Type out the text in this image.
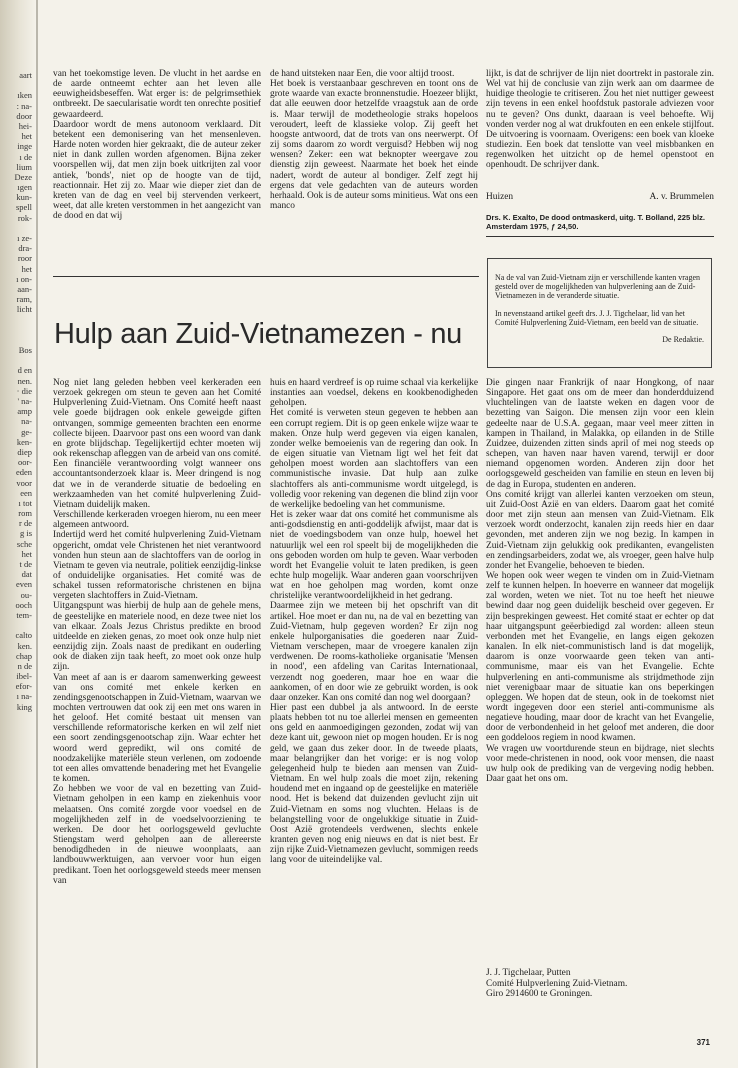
aart
ıken
: na-
door
hei-
het
inge
ı de
lium
Deze
ıgen
kun-
spell
rok-
ı ze-
dra-
roor
het
ı on-
aan-
ram,
licht
Bos
d en
nen.
· die
' na-
amp
na-
ge-
ken-
diep
oor-
eden
voor
een
ı tot
rom
r de
g is
sche
het
t de
dat
even
ou-
ooch
tem-
calto
ken.
chap
n de
ibel-
efor-
ı na-
king

van het toekomstige leven. De vlucht in het aardse en de aarde ontneemt echter aan het leven alle eeuwigheidsbeseffen. Wat erger is: de pelgrimsethiek ontbreekt. De saecularisatie wordt ten onrechte positief gewaardeerd.

Daardoor wordt de mens autonoom verklaard. Dit betekent een demonisering van het mensenleven. Harde noten worden hier gekraakt, die de auteur zeker niet in dank zullen worden afgenomen. Bijna zeker voorspellen wij, dat men zijn boek uitkrijten zal voor antiek, 'bonds', niet op de hoogte van de tijd, reactionnair. Het zij zo. Maar wie dieper ziet dan de kreten van de dag en veel bij stervenden verkeert, weet, dat alle kreten verstommen in het aangezicht van de dood en dat wij

de hand uitsteken naar Een, die voor altijd troost.

Het boek is verstaanbaar geschreven en toont ons de grote waarde van exacte bronnenstudie. Hoezeer blijkt, dat alle eeuwen door hetzelfde vraagstuk aan de orde is. Maar terwijl de modetheologie straks hopeloos veroudert, leeft de klassieke volop. Zij geeft het hoogste antwoord, dat de trots van ons neerwerpt. Of zij soms daarom zo wordt verguisd? Hebben wij nog wensen? Zeker: een wat beknopter weergave zou dienstig zijn geweest. Naarmate het boek het einde nadert, wordt de auteur al bondiger. Zelf zegt hij ergens dat vele gedachten van de auteurs worden herhaald. Ook is de auteur soms minitieus. Wat ons een manco

lijkt, is dat de schrijver de lijn niet doortrekt in pastorale zin. Wel vat hij de conclusie van zijn werk aan om daarmee de huidige theologie te critiseren. Zou het niet nuttiger geweest zijn tevens in een enkel hoofdstuk pastorale adviezen voor nu te geven? Ons dunkt, daaraan is veel behoefte. Wij vonden verder nog al wat drukfouten en een enkele stijlfout. De uitvoering is voornaam. Overigens: een boek van kloeke studiezin. Een boek dat tenslotte van veel misbbanken en regenwolken het uitzicht op de hemel openstoot en openhoudt. De schrijver dank.

Huizen	A. v. Brummelen
Drs. K. Exalto, De dood ontmaskerd, uitg. T. Bolland, 225 blz. Amsterdam 1975, ƒ 24,50.

Na de val van Zuid-Vietnam zijn er verschillende kanten vragen gesteld over de mogelijkheden van hulpverlening aan de Zuid-Vietnamezen in de veranderde situatie.

In nevenstaand artikel geeft drs. J. J. Tigchelaar, lid van het Comité Hulpverlening Zuid-Vietnam, een beeld van de situatie.

De Redaktie.
Hulp aan Zuid-Vietnamezen - nu

Nog niet lang geleden hebben veel kerkeraden een verzoek gekregen om steun te geven aan het Comité Hulpverlening Zuid-Vietnam. Ons Comité heeft naast vele goede bijdragen ook enkele geweigde giften ontvangen, sommige gemeenten brachten een enorme collecte bijeen. Daarvoor past ons een woord van dank en grote blijdschap. Tegelijkertijd echter moeten wij ook rekenschap afleggen van de arbeid van ons comité. Een financiële verantwoording volgt wanneer ons accountantsonderzoek klaar is. Meer dringend is nog dat we in de veranderde situatie de bedoeling en werkzaamheden van het comité hulpverlening Zuid-Vietnam duidelijk maken.

Verschillende kerkeraden vroegen hierom, nu een meer algemeen antwoord.

Indertijd werd het comité hulpverlening Zuid-Vietnam opgericht, omdat vele Christenen het niet verantwoord vonden hun steun aan de slachtoffers van de oorlog in Vietnam te geven via neutrale, politiek eenzijdig-linkse of onduidelijke organisaties. Het comité was de schakel tussen reformatorische christenen en bijna vergeten slachtoffers in Zuid-Vietnam.

Uitgangspunt was hierbij de hulp aan de gehele mens, de geestelijke en materiele nood, en deze twee niet los van elkaar. Zoals Jezus Christus predikte en brood uitdeelde en zieken genas, zo moet ook onze hulp niet eenzijdig zijn. Zoals naast de predikant en ouderling ook de diaken zijn taak heeft, zo moet ook onze hulp zijn.

Van meet af aan is er daarom samenwerking geweest van ons comité met enkele kerken en zendingsgenootschappen in Zuid-Vietnam, waarvan we mochten vertrouwen dat ook zij een met ons waren in het geloof. Het comité bestaat uit mensen van verschillende reformatorische kerken en wil zelf niet een soort zendingsgenootschap zijn. Waar echter het woord werd gepredikt, wil ons comité de noodzakelijke materiële steun verlenen, om zodoende tot een alles omvattende benadering met het Evangelie te komen.

Zo hebben we voor de val en bezetting van Zuid-Vietnam geholpen in een kamp en ziekenhuis voor melaatsen. Ons comité zorgde voor voedsel en de mogelijkheden zelf in de voedselvoorziening te werken. De door het oorlogsgeweld gevluchte Stiengstam werd geholpen aan de allereerste benodigdheden in de nieuwe woonplaats, aan landbouwwerktuigen, aan vervoer voor hun eigen predikant. Toen het oorlogsgeweld steeds meer mensen van

huis en haard verdreef is op ruime schaal via kerkelijke instanties aan voedsel, dekens en kookbenodigheden geholpen.

Het comité is verweten steun gegeven te hebben aan een corrupt regiem. Dit is op geen enkele wijze waar te maken. Onze hulp werd gegeven via eigen kanalen, zonder welke bemoeienis van de regering dan ook. In de eigen situatie van Vietnam ligt wel het feit dat geholpen moest worden aan slachtoffers van een communistische invasie. Dat hulp aan zulke slachtoffers als anti-communisme wordt uitgelegd, is volledig voor rekening van degenen die blind zijn voor de werkelijke bedoeling van het communisme.

Het is zeker waar dat ons comité het communisme als anti-godsdienstig en anti-goddelijk afwijst, maar dat is niet de voedingsbodem van onze hulp, hoewel het natuurlijk wel een rol speelt bij de mogelijkheden die ons geboden worden om hulp te geven. Waar verboden wordt het Evangelie voluit te laten prediken, is geen echte hulp mogelijk. Waar anderen gaan voorschrijven wat en hoe geholpen mag worden, komt onze christelijke verantwoordelijkheid in het gedrang.

Daarmee zijn we meteen bij het opschrift van dit artikel. Hoe moet er dan nu, na de val en bezetting van Zuid-Vietnam, hulp gegeven worden? Er zijn nog enkele hulporganisaties die goederen naar Zuid-Vietnam verschepen, maar de vroegere kanalen zijn verdwenen. De rooms-katholieke organisatie 'Mensen in nood', een afdeling van Caritas Internationaal, verzendt nog goederen, maar hoe en waar die aankomen, of en door wie ze gebruikt worden, is ook daar onzeker. Kan ons comité dan nog wel doorgaan?

Hier past een dubbel ja als antwoord. In de eerste plaats hebben tot nu toe allerlei mensen en gemeenten ons geld en aanmoedigingen gezonden, zodat wij van deze kant uit, gewoon niet op mogen houden. Er is nog geld, we gaan dus zeker door. In de tweede plaats, maar belangrijker dan het vorige: er is nog volop gelegenheid hulp te bieden aan mensen van Zuid-Vietnam. En wel hulp zoals die moet zijn, rekening houdend met en ingaand op de geestelijke en materiële nood. Het is bekend dat duizenden gevlucht zijn uit Zuid-Vietnam en soms nog vluchten. Helaas is de belangstelling voor de ongelukkige situatie in Zuid-Oost Azië grotendeels verdwenen, slechts enkele kranten geven nog enig nieuws en dat is niet best. Er zijn rijke Zuid-Vietnamezen gevlucht, sommigen reeds lang voor de uiteindelijke val.

Die gingen naar Frankrijk of naar Hongkong, of naar Singapore. Het gaat ons om de meer dan honderdduizend vluchtelingen van de laatste weken en dagen voor de bezetting van Saigon. Die mensen zijn voor een klein gedeelte naar de U.S.A. gegaan, maar veel meer zitten in kampen in Thailand, in Malakka, op eilanden in de Stille Zuidzee, duizenden zitten sinds april of mei nog steeds op schepen, van haven naar haven varend, terwijl er door niemand opgenomen worden. Anderen zijn door het oorlogsgeweld gescheiden van familie en steun en leven bij de dag in Europa, studenten en anderen.

Ons comité krijgt van allerlei kanten verzoeken om steun, uit Zuid-Oost Azië en van elders. Daarom gaat het comité door met zijn steun aan mensen van Zuid-Vietnam. Elk verzoek wordt onderzocht, kanalen zijn reeds hier en daar gevonden, met anderen zijn we nog bezig. In kampen in Zuid-Vietnam zijn gelukkig ook predikanten, evangelisten en zendingsarbeiders, zodat we, als vroeger, geen halve hulp zonder het Evangelie, behoeven te bieden.

We hopen ook weer wegen te vinden om in Zuid-Vietnam zelf te kunnen helpen. In hoeverre en wanneer dat mogelijk zal worden, weten we niet. Tot nu toe heeft het nieuwe bewind daar nog geen duidelijk bescheid over gegeven. Er zijn besprekingen geweest. Het comité staat er echter op dat haar uitgangspunt geëerbiedigd zal worden: alleen steun verbonden met het Evangelie, en langs eigen gekozen kanalen. In elk niet-communistisch land is dat mogelijk, daarom is onze voorwaarde geen teken van anti-communisme, maar eis van het Evangelie. Echte hulpverlening en anti-communisme als strijdmethode zijn niet verenigbaar maar de situatie kan ons beperkingen opleggen. We hopen dat de steun, ook in de toekomst niet wordt ingegeven door een steriel anti-communisme als negatieve houding, maar door de kracht van het Evangelie, door de verbondenheid in het geloof met anderen, die door een goddeloos regiem in nood kwamen.

We vragen uw voortdurende steun en bijdrage, niet slechts voor mede-christenen in nood, ook voor mensen, die naast uw hulp ook de prediking van de vergeving nodig hebben. Daar gaat het ons om.

J. J. Tigchelaar, Putten
Comité Hulpverlening Zuid-Vietnam.
Giro 2914600 te Groningen.
371
